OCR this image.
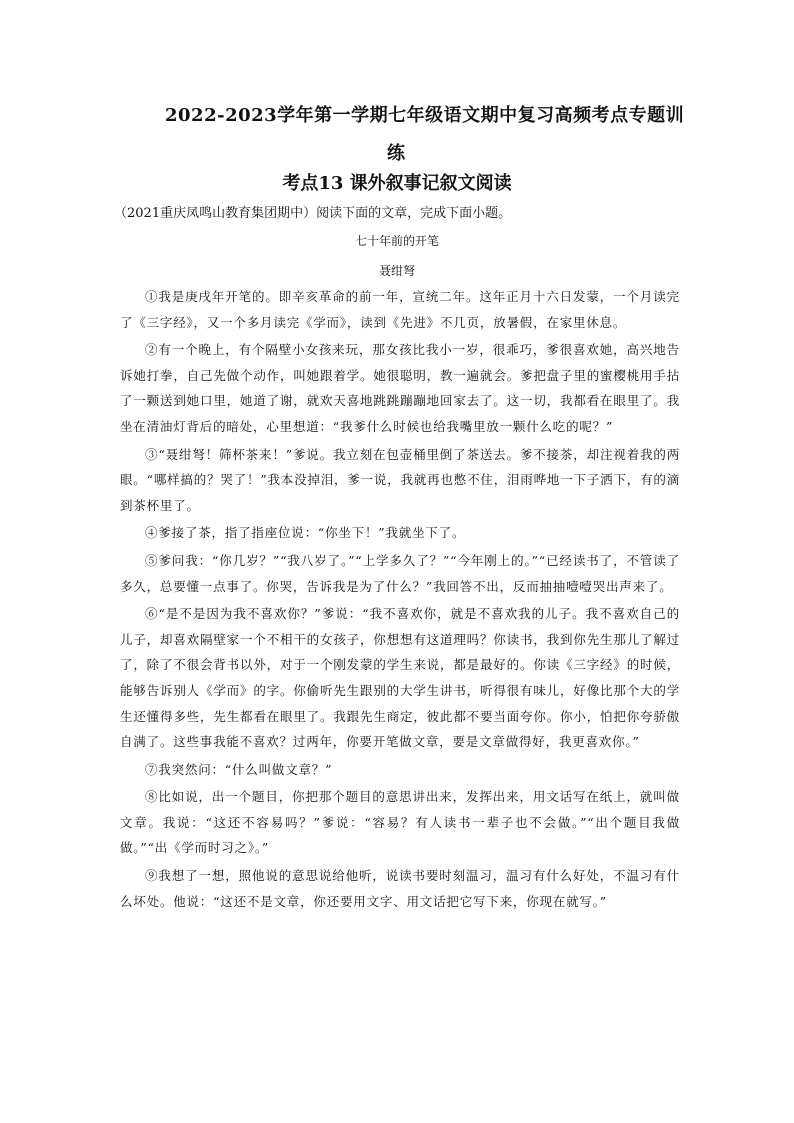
2022-2023学年第一学期七年级语文期中复习高频考点专题训
练
考点13 课外叙事记叙文阅读
（2021重庆凤鸣山教育集团期中）阅读下面的文章，完成下面小题。
七十年前的开笔
聂绀弩

①我是庚戌年开笔的。即辛亥革命的前一年，宣统二年。这年正月十六日发蒙，一个月读完了《三字经》，又一个多月读完《学而》，读到《先进》不几页，放暑假，在家里休息。

②有一个晚上，有个隔壁小女孩来玩，那女孩比我小一岁，很乖巧，爹很喜欢她，高兴地告诉她打拳，自己先做个动作，叫她跟着学。她很聪明，教一遍就会。爹把盘子里的蜜樱桃用手拈了一颗送到她口里，她道了谢，就欢天喜地跳跳蹦蹦地回家去了。这一切，我都看在眼里了。我坐在清油灯背后的暗处，心里想道：“我爹什么时候也给我嘴里放一颗什么吃的呢？”

③“聂绀弩！筛杯茶来！”爹说。我立刻在包壶桶里倒了茶送去。爹不接茶，却注视着我的两眼。“哪样搞的？哭了！”我本没掉泪，爹一说，我就再也憋不住，泪雨哗地一下子洒下，有的滴到茶杯里了。

④爹接了茶，指了指座位说：“你坐下！”我就坐下了。

⑤爹问我：“你几岁？”“我八岁了。”“上学多久了？”“今年刚上的。”“已经读书了，不管读了多久，总要懂一点事了。你哭，告诉我是为了什么？”我回答不出，反而抽抽噎噎哭出声来了。

⑥“是不是因为我不喜欢你？”爹说：“我不喜欢你，就是不喜欢我的儿子。我不喜欢自己的儿子，却喜欢隔壁家一个不相干的女孩子，你想想有这道理吗？你读书，我到你先生那儿了解过了，除了不很会背书以外，对于一个刚发蒙的学生来说，都是最好的。你读《三字经》的时候，能够告诉别人《学而》的字。你偷听先生跟别的大学生讲书，听得很有味儿，好像比那个大的学生还懂得多些，先生都看在眼里了。我跟先生商定，彼此都不要当面夸你。你小，怕把你夸骄傲自满了。这些事我能不喜欢？过两年，你要开笔做文章，要是文章做得好，我更喜欢你。”

⑦我突然问：“什么叫做文章？”

⑧比如说，出一个题目，你把那个题目的意思讲出来，发挥出来，用文话写在纸上，就叫做文章。我说：“这还不容易吗？”爹说：“容易？有人读书一辈子也不会做。”“出个题目我做做。”“出《学而时习之》。”

⑨我想了一想，照他说的意思说给他听，说读书要时刻温习，温习有什么好处，不温习有什么坏处。他说：“这还不是文章，你还要用文字、用文话把它写下来，你现在就写。”
